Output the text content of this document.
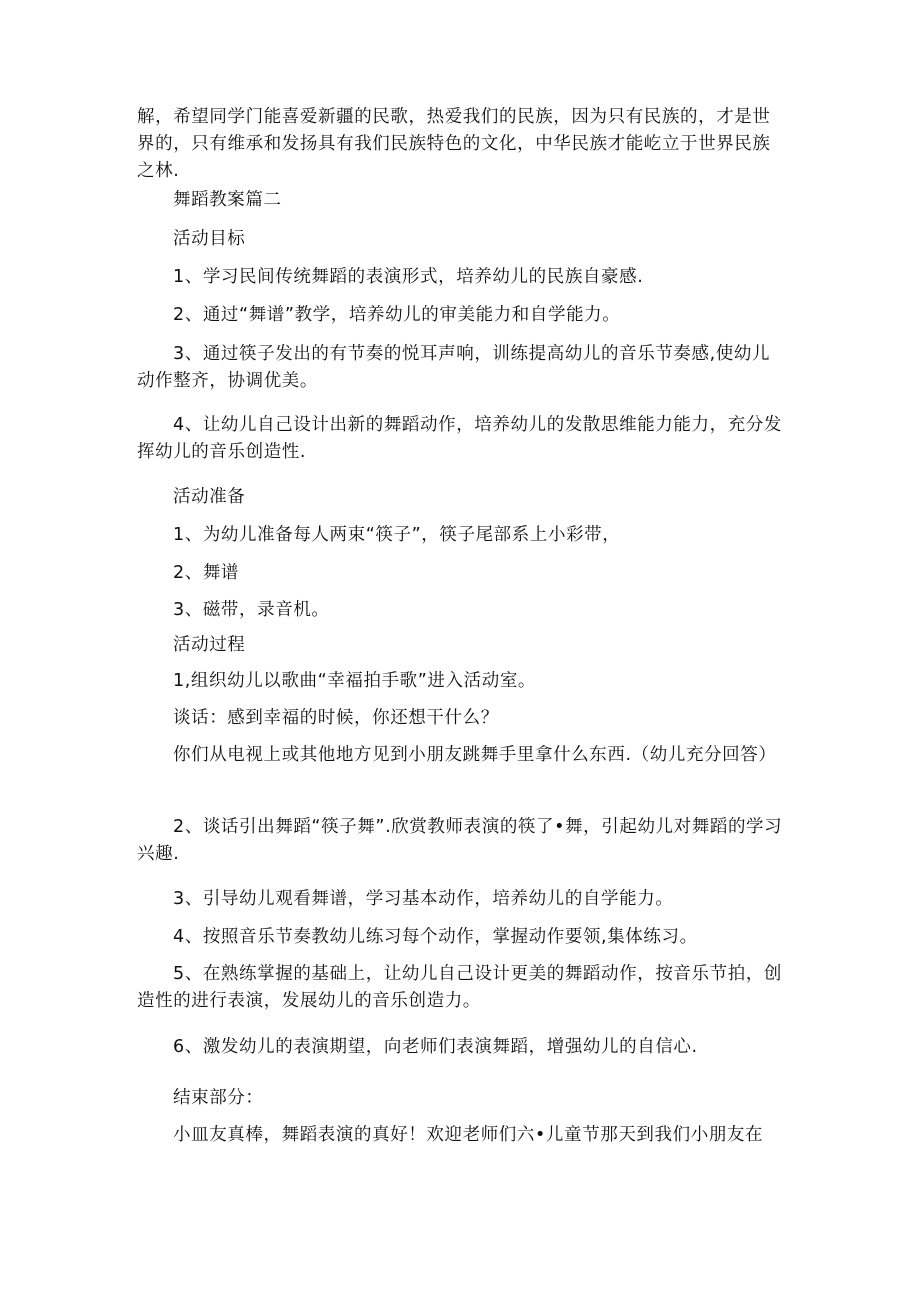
解，希望同学门能喜爱新疆的民歌，热爱我们的民族，因为只有民族的，才是世界的，只有维承和发扬具有我们民族特色的文化，中华民族才能屹立于世界民族之林.

舞蹈教案篇二

活动目标

1、学习民间传统舞蹈的表演形式，培养幼儿的民族自豪感.

2、通过“舞谱”教学，培养幼儿的审美能力和自学能力。

3、通过筷子发出的有节奏的悦耳声响，训练提高幼儿的音乐节奏感,使幼儿动作整齐，协调优美。

4、让幼儿自己设计出新的舞蹈动作，培养幼儿的发散思维能力能力，充分发挥幼儿的音乐创造性.

活动准备

1、为幼儿准备每人两束“筷子”，筷子尾部系上小彩带，

2、舞谱

3、磁带，录音机。

活动过程

1,组织幼儿以歌曲“幸福拍手歌”进入活动室。

谈话：感到幸福的时候，你还想干什么？

你们从电视上或其他地方见到小朋友跳舞手里拿什么东西.（幼儿充分回答）

2、谈话引出舞蹈“筷子舞”.欣赏教师表演的筷了•舞，引起幼儿对舞蹈的学习兴趣.

3、引导幼儿观看舞谱，学习基本动作，培养幼儿的自学能力。

4、按照音乐节奏教幼儿练习每个动作，掌握动作要领,集体练习。

5、在熟练掌握的基础上，让幼儿自己设计更美的舞蹈动作，按音乐节拍，创造性的进行表演，发展幼儿的音乐创造力。

6、激发幼儿的表演期望，向老师们表演舞蹈，增强幼儿的自信心.

结束部分：

小皿友真棒，舞蹈表演的真好！欢迎老师们六•儿童节那天到我们小朋友在
